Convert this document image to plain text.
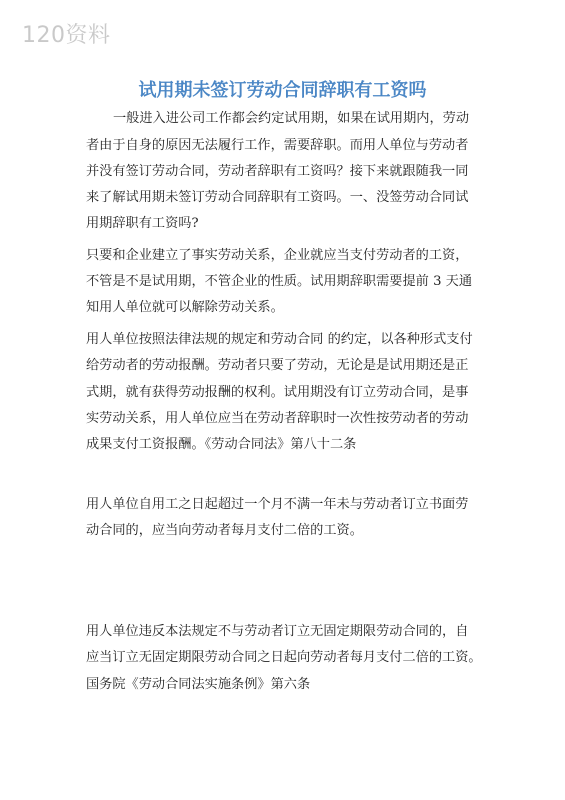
120资料
试用期未签订劳动合同辞职有工资吗
一般进入进公司工作都会约定试用期，如果在试用期内，劳动
者由于自身的原因无法履行工作，需要辞职。而用人单位与劳动者
并没有签订劳动合同，劳动者辞职有工资吗？接下来就跟随我一同
来了解试用期未签订劳动合同辞职有工资吗。一、没签劳动合同试
用期辞职有工资吗?
只要和企业建立了事实劳动关系，企业就应当支付劳动者的工资，
不管是不是试用期，不管企业的性质。试用期辞职需要提前 3 天通
知用人单位就可以解除劳动关系。
用人单位按照法律法规的规定和劳动合同 的约定，以各种形式支付
给劳动者的劳动报酬。劳动者只要了劳动，无论是是试用期还是正
式期，就有获得劳动报酬的权利。试用期没有订立劳动合同，是事
实劳动关系，用人单位应当在劳动者辞职时一次性按劳动者的劳动
成果支付工资报酬。《劳动合同法》第八十二条
用人单位自用工之日起超过一个月不满一年未与劳动者订立书面劳
动合同的，应当向劳动者每月支付二倍的工资。
用人单位违反本法规定不与劳动者订立无固定期限劳动合同的，自
应当订立无固定期限劳动合同之日起向劳动者每月支付二倍的工资。
国务院《劳动合同法实施条例》第六条
